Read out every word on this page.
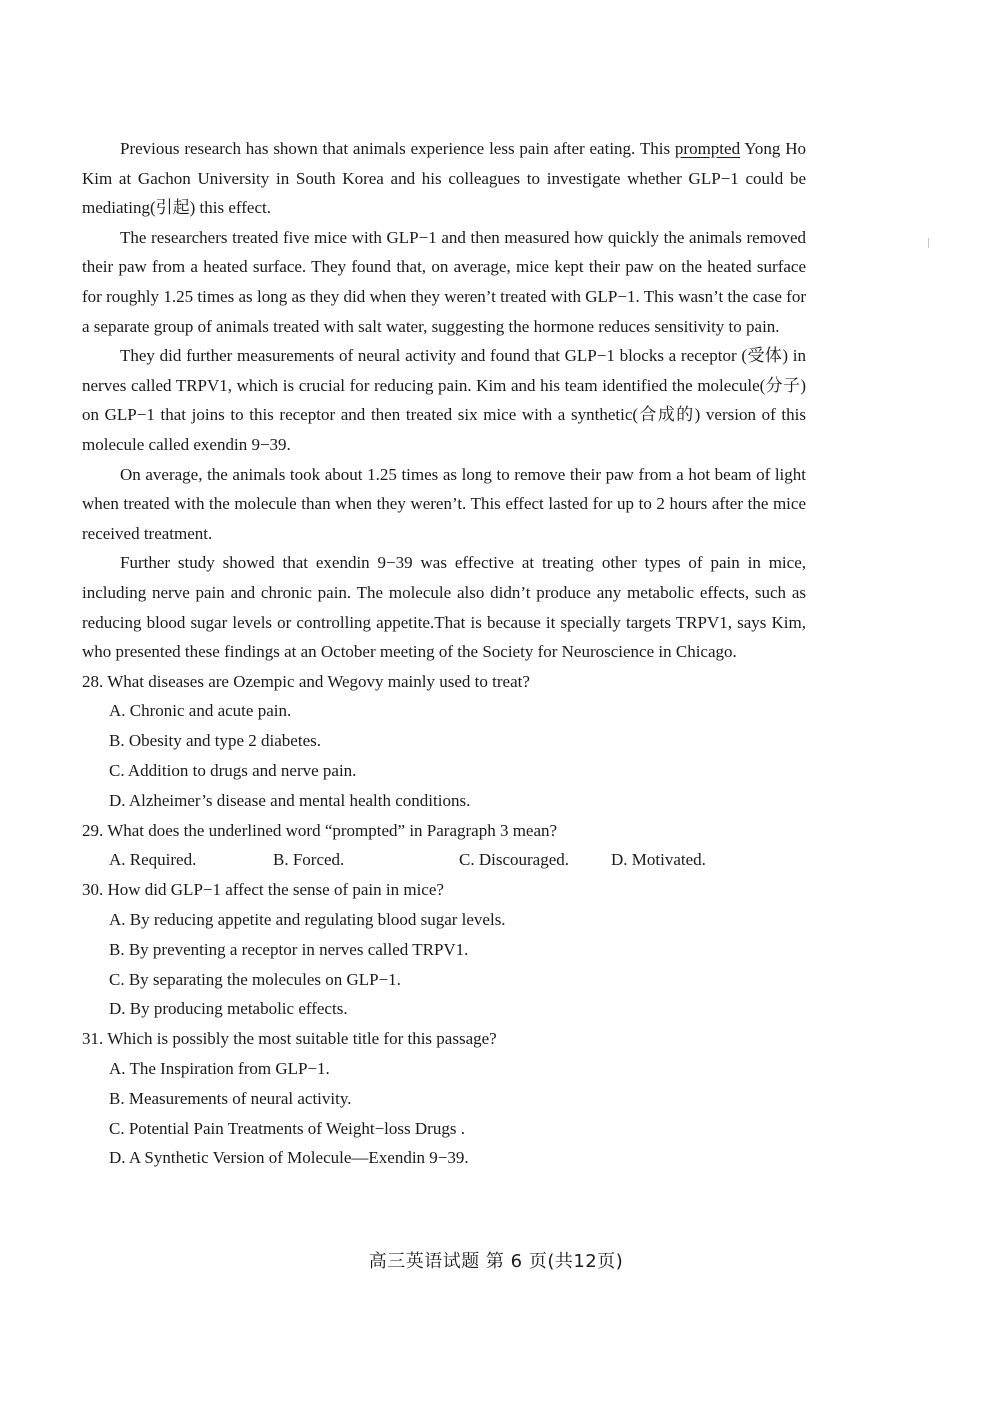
Previous research has shown that animals experience less pain after eating. This prompted Yong Ho Kim at Gachon University in South Korea and his colleagues to investigate whether GLP−1 could be mediating(引起) this effect.

The researchers treated five mice with GLP−1 and then measured how quickly the animals removed their paw from a heated surface. They found that, on average, mice kept their paw on the heated surface for roughly 1.25 times as long as they did when they weren’t treated with GLP−1. This wasn’t the case for a separate group of animals treated with salt water, suggesting the hormone reduces sensitivity to pain.

They did further measurements of neural activity and found that GLP−1 blocks a receptor (受体) in nerves called TRPV1, which is crucial for reducing pain. Kim and his team identified the molecule(分子) on GLP−1 that joins to this receptor and then treated six mice with a synthetic(合成的) version of this molecule called exendin 9−39.

On average, the animals took about 1.25 times as long to remove their paw from a hot beam of light when treated with the molecule than when they weren’t. This effect lasted for up to 2 hours after the mice received treatment.

Further study showed that exendin 9−39 was effective at treating other types of pain in mice, including nerve pain and chronic pain. The molecule also didn’t produce any metabolic effects, such as reducing blood sugar levels or controlling appetite.That is because it specially targets TRPV1, says Kim, who presented these findings at an October meeting of the Society for Neuroscience in Chicago.

28. What diseases are Ozempic and Wegovy mainly used to treat?

A. Chronic and acute pain.

B. Obesity and type 2 diabetes.

C. Addition to drugs and nerve pain.

D. Alzheimer’s disease and mental health conditions.

29. What does the underlined word “prompted” in Paragraph 3 mean?

A. Required.	B. Forced.	C. Discouraged.	D. Motivated.

30. How did GLP−1 affect the sense of pain in mice?

A. By reducing appetite and regulating blood sugar levels.

B. By preventing a receptor in nerves called TRPV1.

C. By separating the molecules on GLP−1.

D. By producing metabolic effects.

31. Which is possibly the most suitable title for this passage?

A. The Inspiration from GLP−1.

B. Measurements of neural activity.

C. Potential Pain Treatments of Weight−loss Drugs .

D. A Synthetic Version of Molecule—Exendin 9−39.

高三英语试题 第 6 页(共12页)
